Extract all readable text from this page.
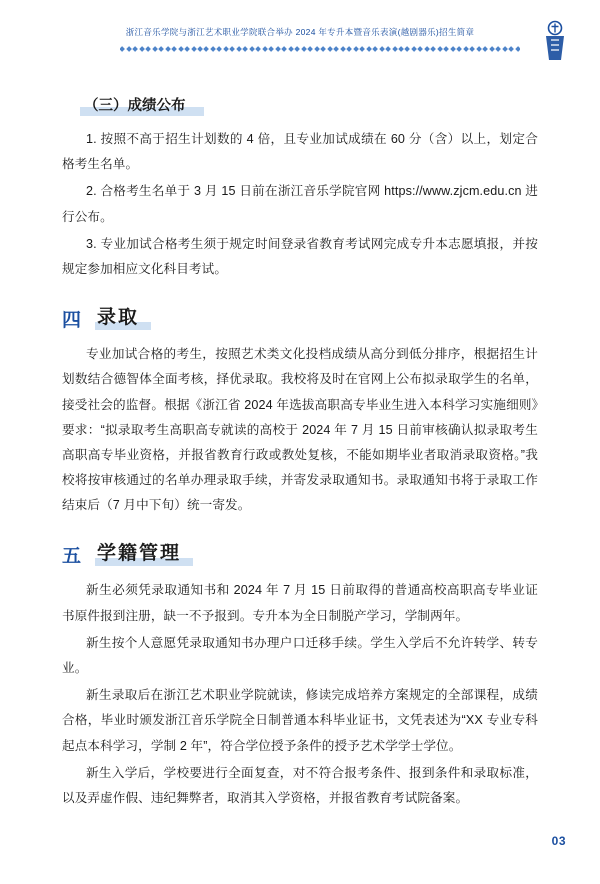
浙江音乐学院与浙江艺术职业学院联合举办 2024 年专升本暨音乐表演(越剧器乐)招生简章
（三）成绩公布

1. 按照不高于招生计划数的 4 倍，且专业加试成绩在 60 分（含）以上，划定合格考生名单。

2. 合格考生名单于 3 月 15 日前在浙江音乐学院官网 https://www.zjcm.edu.cn 进行公布。

3. 专业加试合格考生须于规定时间登录省教育考试网完成专升本志愿填报，并按规定参加相应文化科目考试。

四 录取

专业加试合格的考生，按照艺术类文化投档成绩从高分到低分排序，根据招生计划数结合德智体全面考核，择优录取。我校将及时在官网上公布拟录取学生的名单，接受社会的监督。根据《浙江省 2024 年选拔高职高专毕业生进入本科学习实施细则》要求：“拟录取考生高职高专就读的高校于 2024 年 7 月 15 日前审核确认拟录取考生高职高专毕业资格，并报省教育行政或教处复核，不能如期毕业者取消录取资格。”我校将按审核通过的名单办理录取手续，并寄发录取通知书。录取通知书将于录取工作结束后（7 月中下旬）统一寄发。

五 学籍管理

新生必须凭录取通知书和 2024 年 7 月 15 日前取得的普通高校高职高专毕业证书原件报到注册，缺一不予报到。专升本为全日制脱产学习，学制两年。

新生按个人意愿凭录取通知书办理户口迁移手续。学生入学后不允许转学、转专业。

新生录取后在浙江艺术职业学院就读，修读完成培养方案规定的全部课程，成绩合格，毕业时颁发浙江音乐学院全日制普通本科毕业证书，文凭表述为“XX 专业专科起点本科学习，学制 2 年”，符合学位授予条件的授予艺术学学士学位。

新生入学后，学校要进行全面复查，对不符合报考条件、报到条件和录取标准，以及弄虚作假、违纪舞弊者，取消其入学资格，并报省教育考试院备案。

03
